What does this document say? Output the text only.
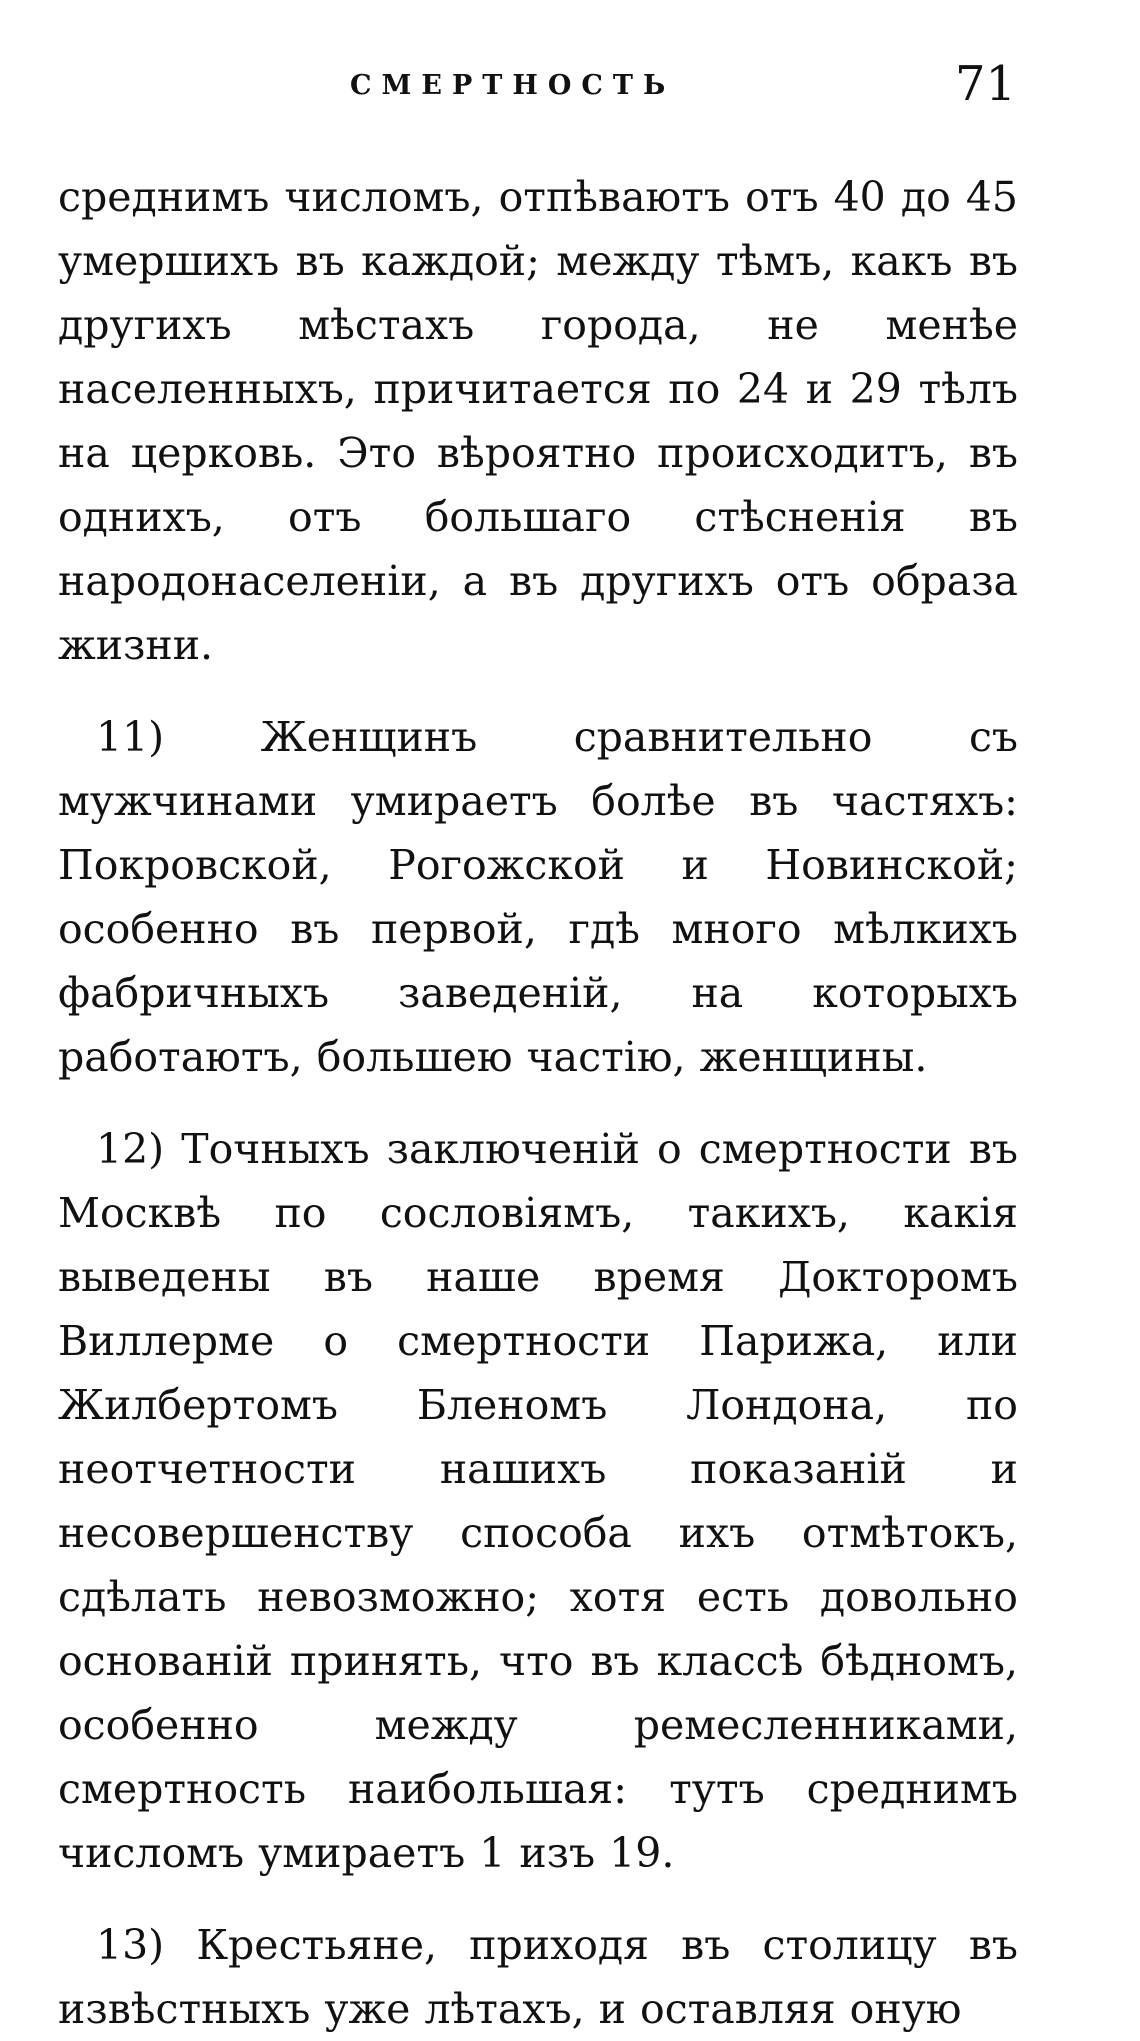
СМЕРТНОСТЬ	71

среднимъ числомъ, отпѣваютъ отъ 40 до 45 умершихъ въ каждой; между тѣмъ, какъ въ другихъ мѣстахъ города, не менѣе населенныхъ, причитается по 24 и 29 тѣлъ на церковь. Это вѣроятно происходитъ, въ однихъ, отъ большаго стѣсненія въ народонаселеніи, а въ другихъ отъ образа жизни.

11) Женщинъ сравнительно съ мужчинами умираетъ болѣе въ частяхъ: Покровской, Рогожской и Новинской; особенно въ первой, гдѣ много мѣлкихъ фабричныхъ заведеній, на которыхъ работаютъ, большею частію, женщины.

12) Точныхъ заключеній о смертности въ Москвѣ по сословіямъ, такихъ, какія выведены въ наше время Докторомъ Виллерме о смертности Парижа, или Жилбертомъ Бленомъ Лондона, по неотчетности нашихъ показаній и несовершенству способа ихъ отмѣтокъ, сдѣлать невозможно; хотя есть довольно основаній принять, что въ классѣ бѣдномъ, особенно между ремесленниками, смертность наибольшая: тутъ среднимъ числомъ умираетъ 1 изъ 19.

13) Крестьяне, приходя въ столицу въ извѣстныхъ уже лѣтахъ, и оставляя оную
